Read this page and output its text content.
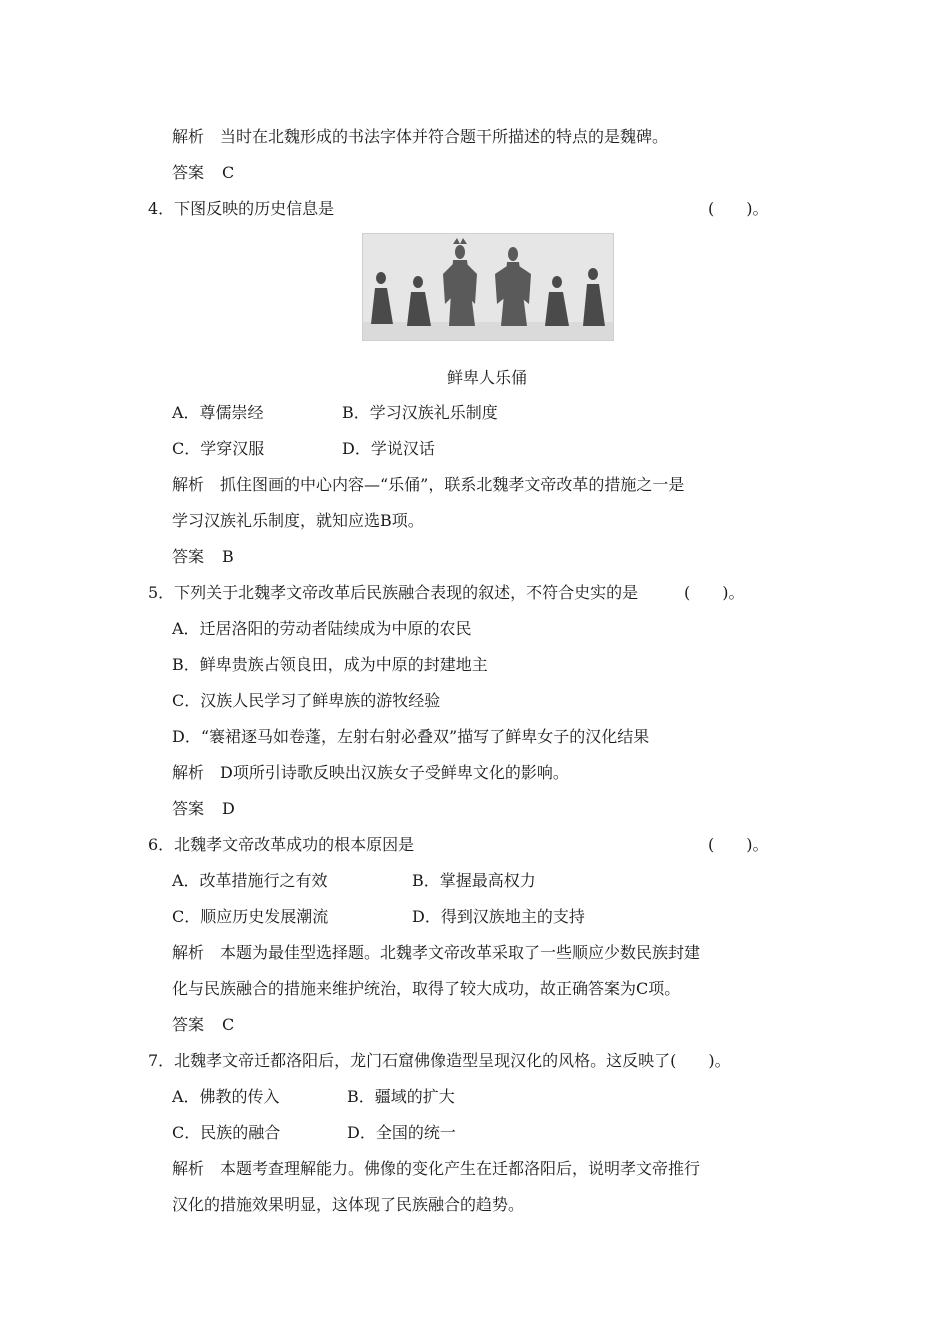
解析　当时在北魏形成的书法字体并符合题干所描述的特点的是魏碑。
答案 C
4．下图反映的历史信息是	(　　)。
鲜卑人乐俑
A．尊儒崇经	B．学习汉族礼乐制度
C．学穿汉服	D．学说汉话
解析　抓住图画的中心内容—“乐俑”，联系北魏孝文帝改革的措施之一是
学习汉族礼乐制度，就知应选B项。
答案 B
5．下列关于北魏孝文帝改革后民族融合表现的叙述，不符合史实的是	(　　)。
A．迁居洛阳的劳动者陆续成为中原的农民
B．鲜卑贵族占领良田，成为中原的封建地主
C．汉族人民学习了鲜卑族的游牧经验
D．“褰裙逐马如卷蓬，左射右射必叠双”描写了鲜卑女子的汉化结果
解析　D项所引诗歌反映出汉族女子受鲜卑文化的影响。
答案 D
6．北魏孝文帝改革成功的根本原因是	(　　)。
A．改革措施行之有效	B．掌握最高权力
C．顺应历史发展潮流	D．得到汉族地主的支持
解析　本题为最佳型选择题。北魏孝文帝改革采取了一些顺应少数民族封建
化与民族融合的措施来维护统治，取得了较大成功，故正确答案为C项。
答案 C
7．北魏孝文帝迁都洛阳后，龙门石窟佛像造型呈现汉化的风格。这反映了(　　)。
A．佛教的传入	B．疆域的扩大
C．民族的融合	D．全国的统一
解析　本题考查理解能力。佛像的变化产生在迁都洛阳后，说明孝文帝推行
汉化的措施效果明显，这体现了民族融合的趋势。
